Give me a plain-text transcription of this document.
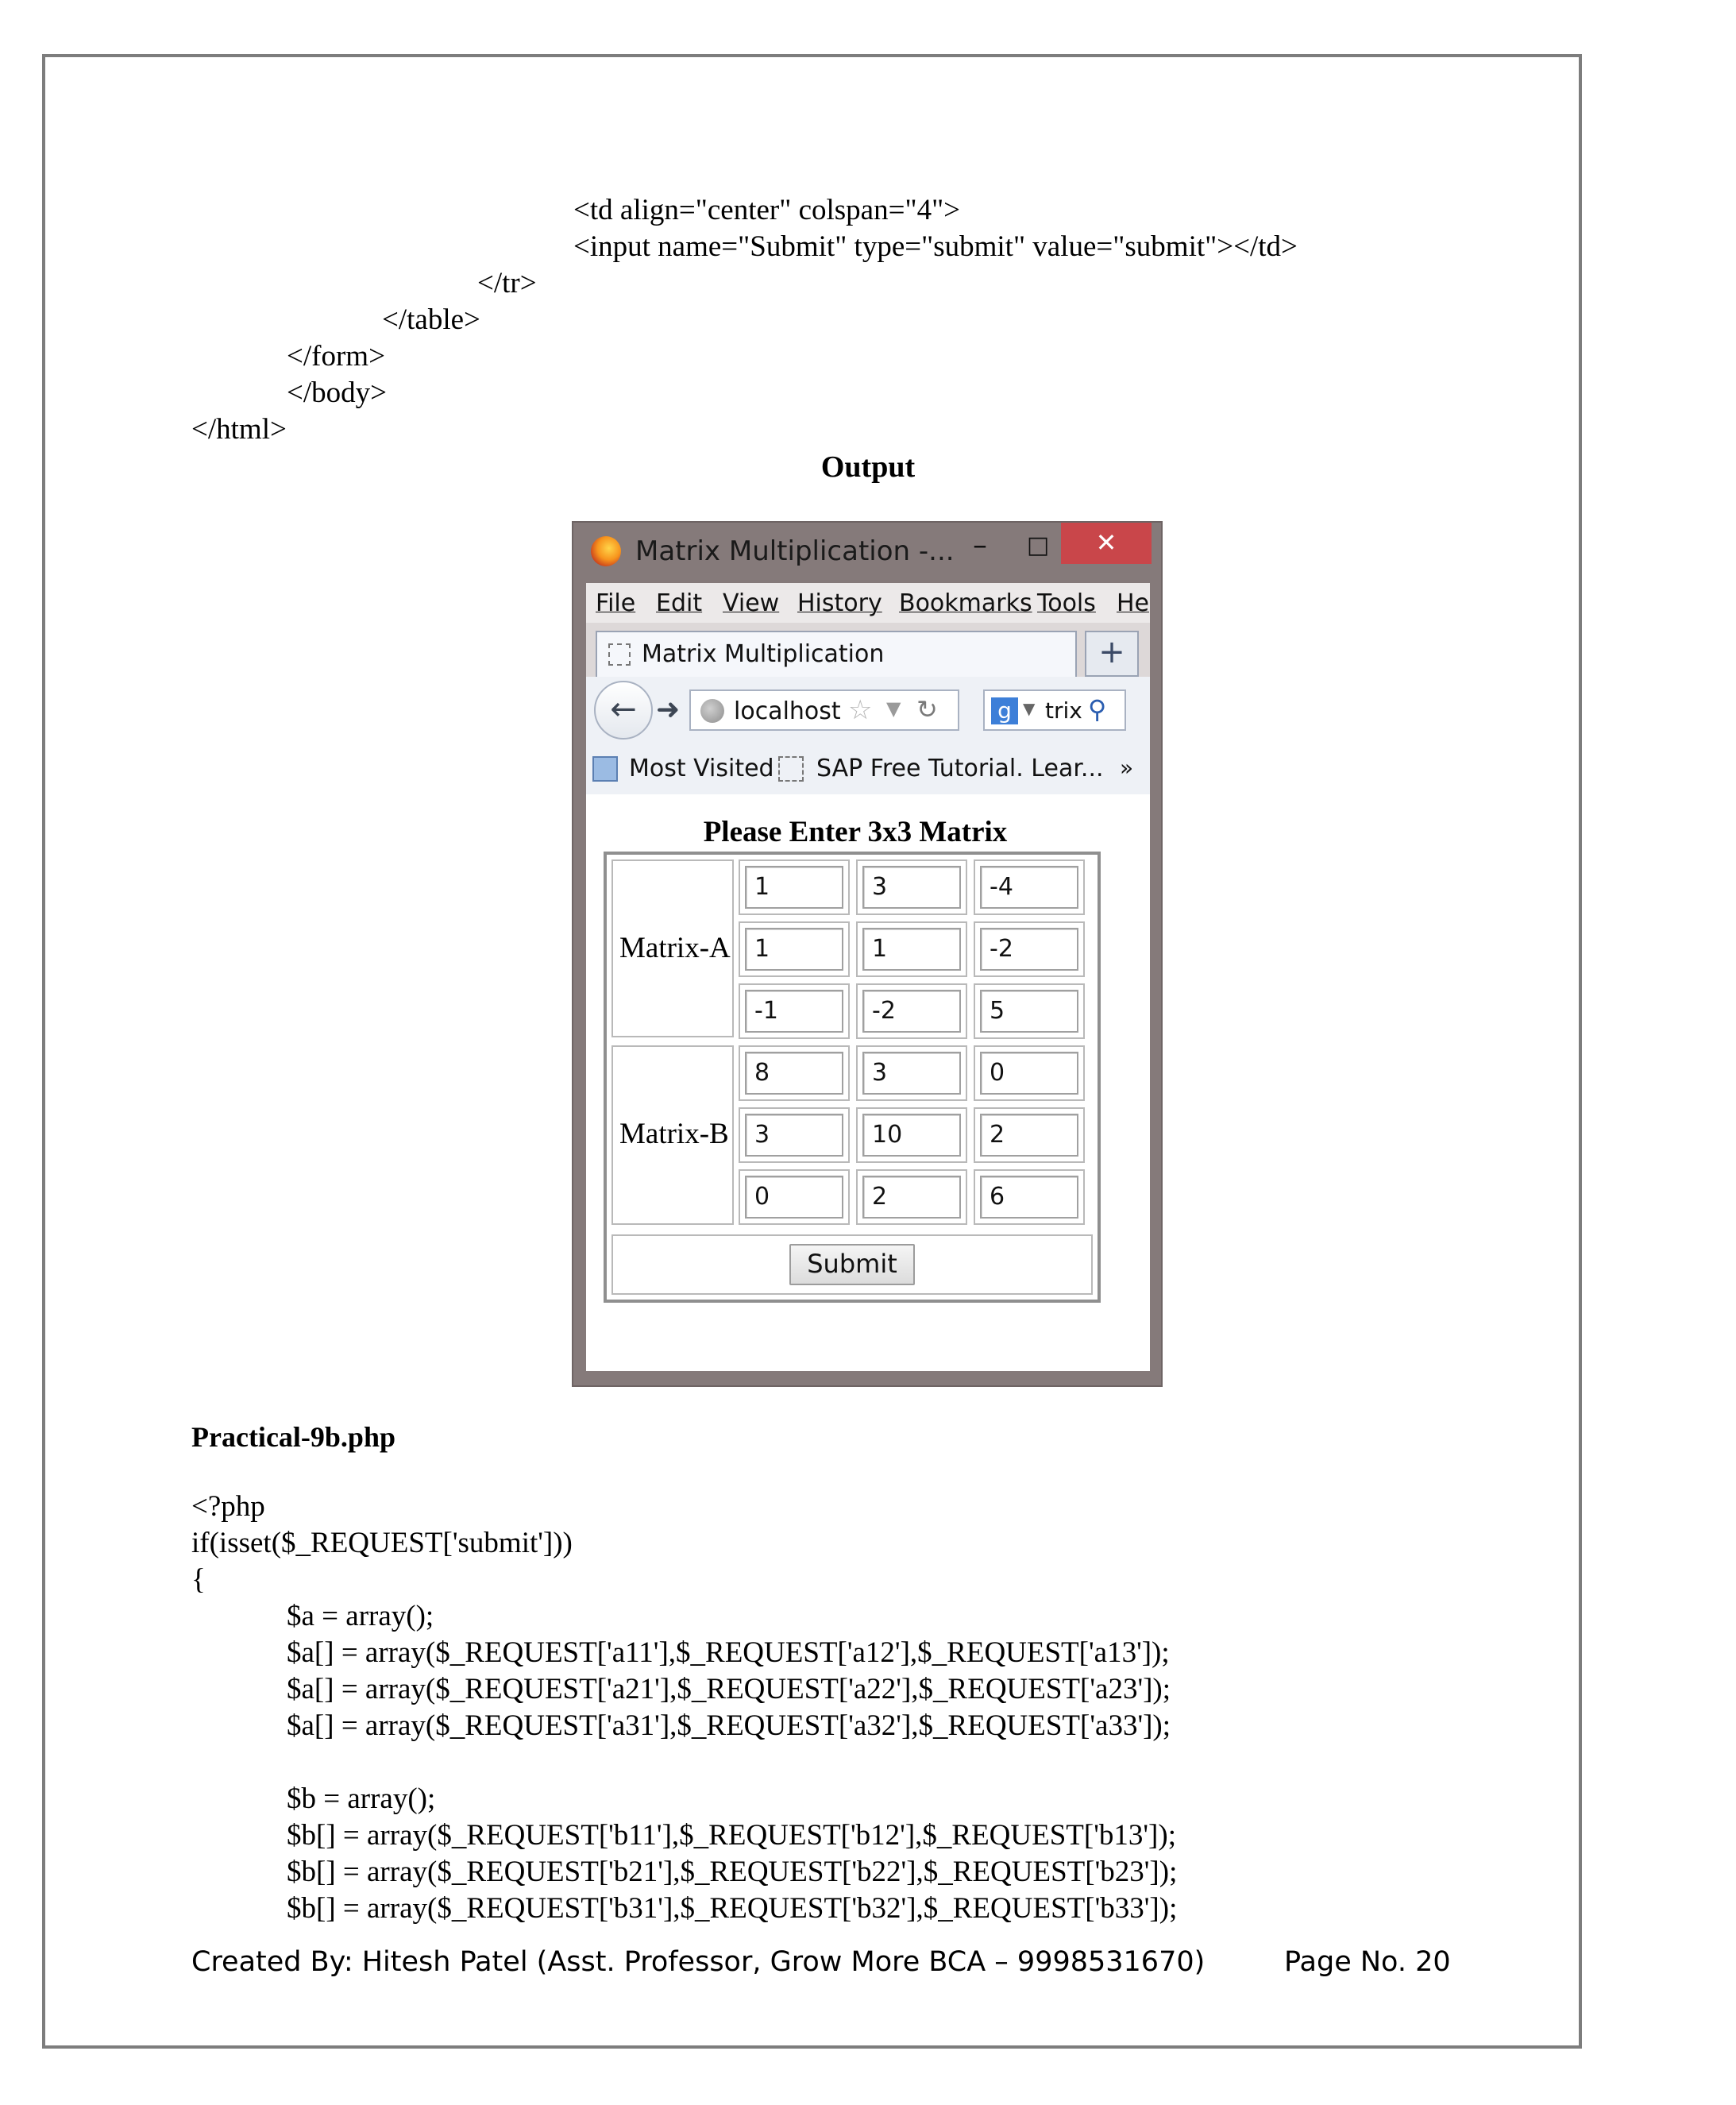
<td align="center" colspan="4">
<input name="Submit" type="submit" value="submit"></td>
</tr>
</table>
</form>
</body>
</html>
Output
Matrix Multiplication -... –	□	✕
File Edit View History Bookmarks Tools He
Matrix Multiplication	+
← ➜	localhost ☆ ▼ ↻	g ▼ trix ⚲
Most Visited SAP Free Tutorial. Lear... »
Please Enter 3x3 Matrix
Matrix-A
1	3	-4
1	1	-2
-1	-2	5
Matrix-B
8	3	0
3	10	2
0	2	6
Submit
Practical-9b.php
<?php
if(isset($_REQUEST['submit']))
{
$a = array();
$a[] = array($_REQUEST['a11'],$_REQUEST['a12'],$_REQUEST['a13']);
$a[] = array($_REQUEST['a21'],$_REQUEST['a22'],$_REQUEST['a23']);
$a[] = array($_REQUEST['a31'],$_REQUEST['a32'],$_REQUEST['a33']);
$b = array();
$b[] = array($_REQUEST['b11'],$_REQUEST['b12'],$_REQUEST['b13']);
$b[] = array($_REQUEST['b21'],$_REQUEST['b22'],$_REQUEST['b23']);
$b[] = array($_REQUEST['b31'],$_REQUEST['b32'],$_REQUEST['b33']);
Created By: Hitesh Patel (Asst. Professor, Grow More BCA – 9998531670)	Page No. 20
